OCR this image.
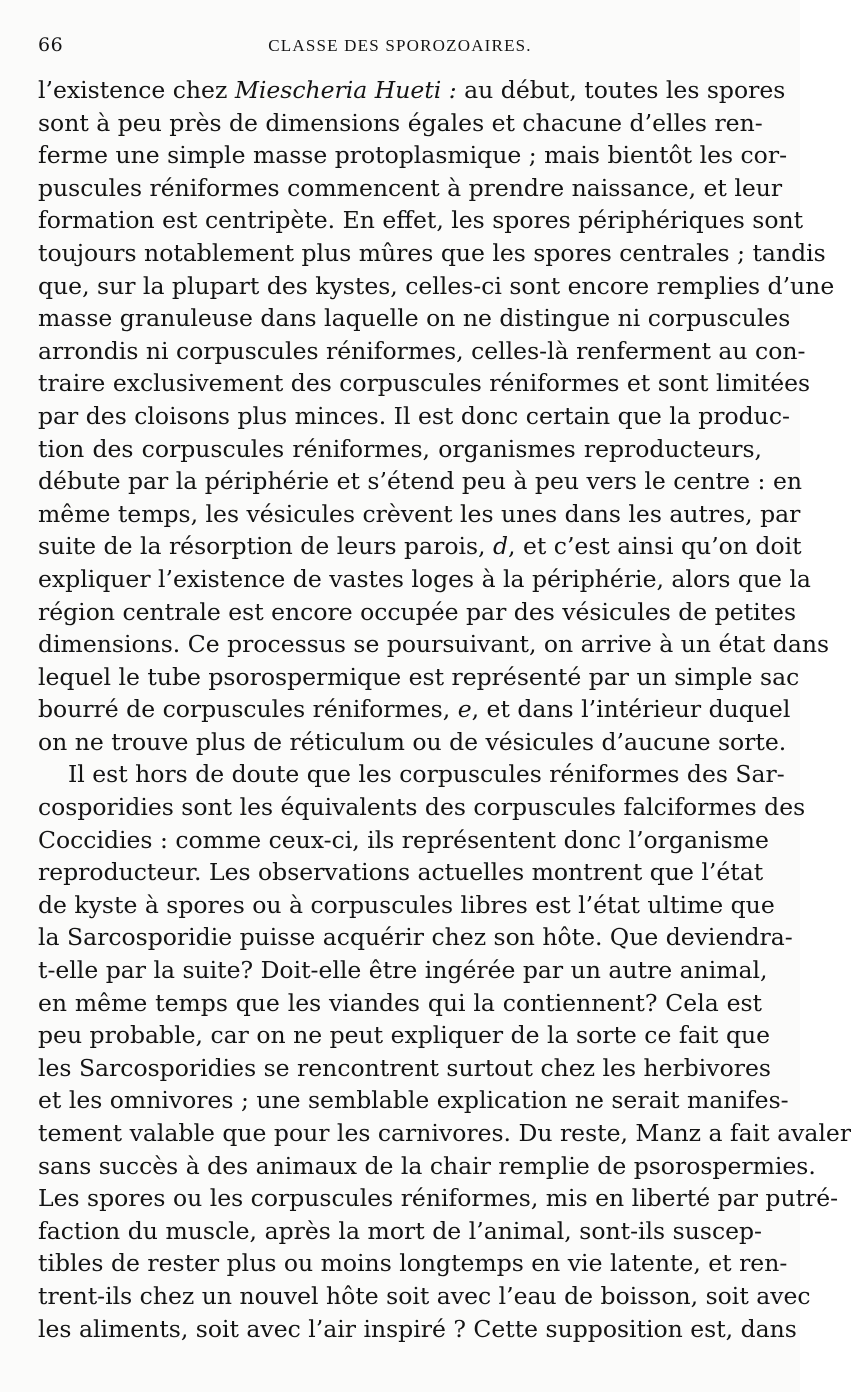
66	CLASSE DES SPOROZOAIRES.
l’existence chez Miescheria Hueti : au début, toutes les spores
sont à peu près de dimensions égales et chacune d’elles ren-
ferme une simple masse protoplasmique ; mais bientôt les cor-
puscules réniformes commencent à prendre naissance, et leur
formation est centripète. En effet, les spores périphériques sont
toujours notablement plus mûres que les spores centrales ; tandis
que, sur la plupart des kystes, celles-ci sont encore remplies d’une
masse granuleuse dans laquelle on ne distingue ni corpuscules
arrondis ni corpuscules réniformes, celles-là renferment au con-
traire exclusivement des corpuscules réniformes et sont limitées
par des cloisons plus minces. Il est donc certain que la produc-
tion des corpuscules réniformes, organismes reproducteurs,
débute par la périphérie et s’étend peu à peu vers le centre : en
même temps, les vésicules crèvent les unes dans les autres, par
suite de la résorption de leurs parois, d, et c’est ainsi qu’on doit
expliquer l’existence de vastes loges à la périphérie, alors que la
région centrale est encore occupée par des vésicules de petites
dimensions. Ce processus se poursuivant, on arrive à un état dans
lequel le tube psorospermique est représenté par un simple sac
bourré de corpuscules réniformes, e, et dans l’intérieur duquel
on ne trouve plus de réticulum ou de vésicules d’aucune sorte.
Il est hors de doute que les corpuscules réniformes des Sar-
cosporidies sont les équivalents des corpuscules falciformes des
Coccidies : comme ceux-ci, ils représentent donc l’organisme
reproducteur. Les observations actuelles montrent que l’état
de kyste à spores ou à corpuscules libres est l’état ultime que
la Sarcosporidie puisse acquérir chez son hôte. Que deviendra-
t-elle par la suite? Doit-elle être ingérée par un autre animal,
en même temps que les viandes qui la contiennent? Cela est
peu probable, car on ne peut expliquer de la sorte ce fait que
les Sarcosporidies se rencontrent surtout chez les herbivores
et les omnivores ; une semblable explication ne serait manifes-
tement valable que pour les carnivores. Du reste, Manz a fait avaler
sans succès à des animaux de la chair remplie de psorospermies.
Les spores ou les corpuscules réniformes, mis en liberté par putré-
faction du muscle, après la mort de l’animal, sont-ils suscep-
tibles de rester plus ou moins longtemps en vie latente, et ren-
trent-ils chez un nouvel hôte soit avec l’eau de boisson, soit avec
les aliments, soit avec l’air inspiré ? Cette supposition est, dans
